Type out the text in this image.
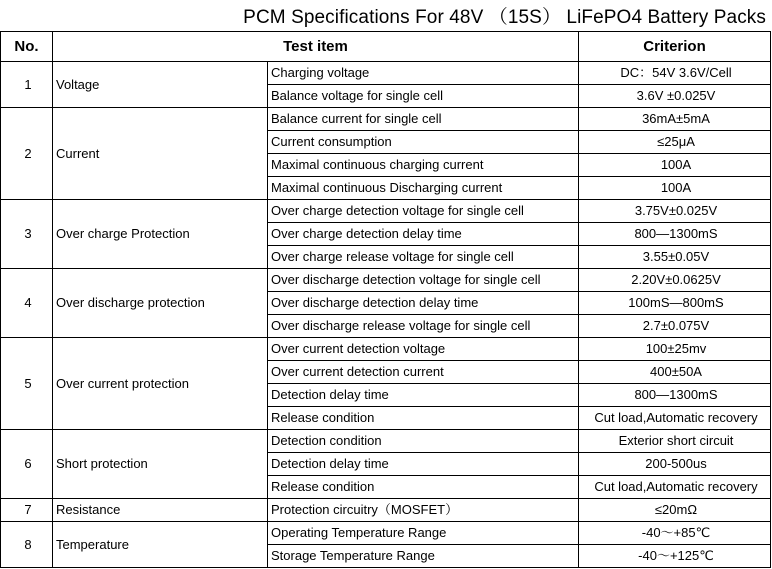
PCM Specifications For 48V （15S） LiFePO4 Battery Packs
No.	Test item		Criterion
1	Voltage	Charging voltage	DC：54V 3.6V/Cell
		Balance voltage for single cell	3.6V ±0.025V
2	Current	Balance current for single cell	36mA±5mA
		Current consumption	≤25μA
		Maximal continuous charging current	100A
		Maximal continuous Discharging current	100A
3	Over charge Protection	Over charge detection voltage for single cell	3.75V±0.025V
		Over charge detection delay time	800—1300mS
		Over charge release voltage for single cell	3.55±0.05V
4	Over discharge protection	Over discharge detection voltage for single cell	2.20V±0.0625V
		Over discharge detection delay time	100mS—800mS
		Over discharge release voltage for single cell	2.7±0.075V
5	Over current protection	Over current detection voltage	100±25mv
		Over current detection current	400±50A
		Detection delay time	800—1300mS
		Release condition	Cut load,Automatic recovery
6	Short protection	Detection condition	Exterior short circuit
		Detection delay time	200-500us
		Release condition	Cut load,Automatic recovery
7	Resistance	Protection circuitry（MOSFET）	≤20mΩ
8	Temperature	Operating Temperature Range	-40～+85℃
		Storage Temperature Range	-40～+125℃
